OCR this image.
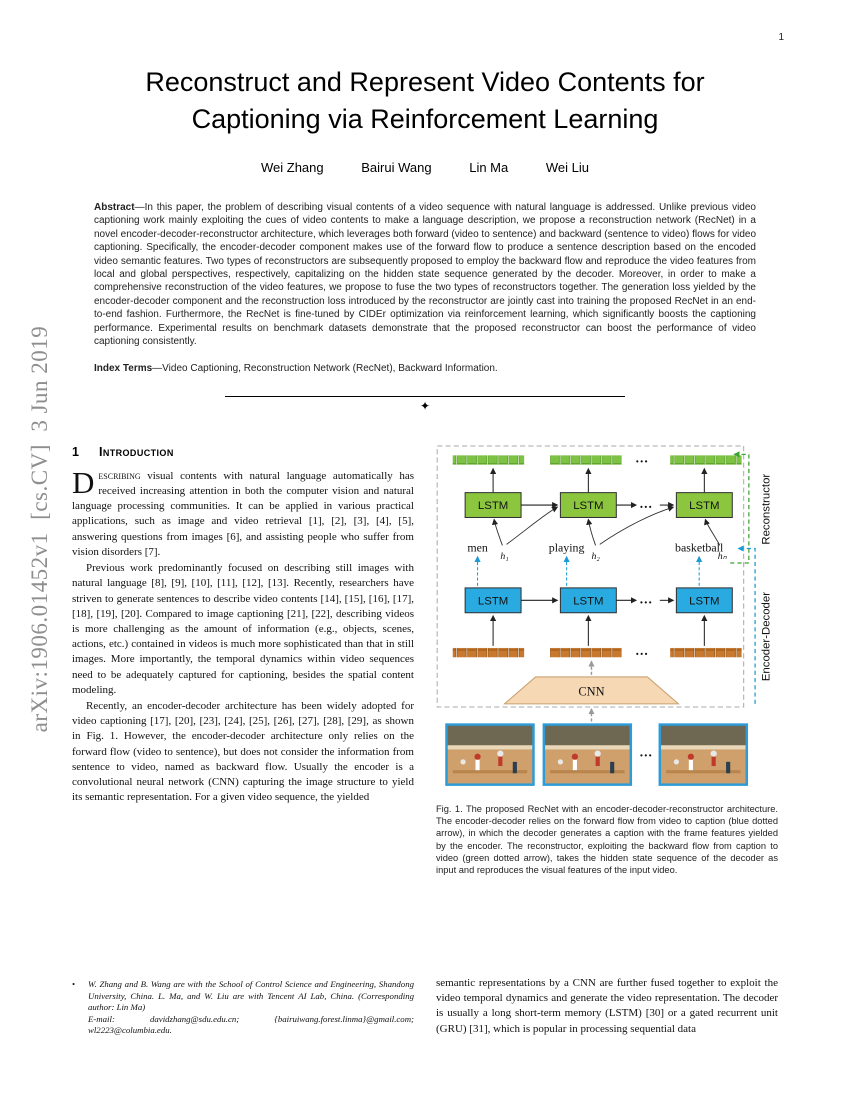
1
arXiv:1906.01452v1  [cs.CV]  3 Jun 2019
Reconstruct and Represent Video Contents for
Captioning via Reinforcement Learning
Wei Zhang	Bairui Wang	Lin Ma	Wei Liu
Abstract—In this paper, the problem of describing visual contents of a video sequence with natural language is addressed. Unlike previous video captioning work mainly exploiting the cues of video contents to make a language description, we propose a reconstruction network (RecNet) in a novel encoder-decoder-reconstructor architecture, which leverages both forward (video to sentence) and backward (sentence to video) flows for video captioning. Specifically, the encoder-decoder component makes use of the forward flow to produce a sentence description based on the encoded video semantic features. Two types of reconstructors are subsequently proposed to employ the backward flow and reproduce the video features from local and global perspectives, respectively, capitalizing on the hidden state sequence generated by the decoder. Moreover, in order to make a comprehensive reconstruction of the video features, we propose to fuse the two types of reconstructors together. The generation loss yielded by the encoder-decoder component and the reconstruction loss introduced by the reconstructor are jointly cast into training the proposed RecNet in an end-to-end fashion. Furthermore, the RecNet is fine-tuned by CIDEr optimization via reinforcement learning, which significantly boosts the captioning performance. Experimental results on benchmark datasets demonstrate that the proposed reconstructor can boost the performance of video captioning consistently.
Index Terms—Video Captioning, Reconstruction Network (RecNet), Backward Information.
✦
1 Introduction

Describing visual contents with natural language automatically has received increasing attention in both the computer vision and natural language processing communities. It can be applied in various practical applications, such as image and video retrieval [1], [2], [3], [4], [5], answering questions from images [6], and assisting people who suffer from vision disorders [7].

Previous work predominantly focused on describing still images with natural language [8], [9], [10], [11], [12], [13]. Recently, researchers have striven to generate sentences to describe video contents [14], [15], [16], [17], [18], [19], [20]. Compared to image captioning [21], [22], describing videos is more challenging as the amount of information (e.g., objects, scenes, actions, etc.) contained in videos is much more sophisticated than that in still images. More importantly, the temporal dynamics within video sequences need to be adequately captured for captioning, besides the spatial content modeling.

Recently, an encoder-decoder architecture has been widely adopted for video captioning [17], [20], [23], [24], [25], [26], [27], [28], [29], as shown in Fig. 1. However, the encoder-decoder architecture only relies on the forward flow (video to sentence), but does not consider the information from sentence to video, named as backward flow. Usually the encoder is a convolutional neural network (CNN) capturing the image structure to yield its semantic representation. For a given video sequence, the yielded

•	W. Zhang and B. Wang are with the School of Control Science and Engineering, Shandong University, China. L. Ma, and W. Liu are with Tencent AI Lab, China. (Corresponding author: Lin Ma)
E-mail: davidzhang@sdu.edu.cn; {bairuiwang.forest.linma}@gmail.com; wl2223@columbia.edu.
...
LSTM	LSTM	LSTM
...
men	playing	basketball
h₁	h₂	hₙ
LSTM	LSTM	LSTM
...
...
CNN
...
Reconstructor
Encoder-Decoder
Fig. 1. The proposed RecNet with an encoder-decoder-reconstructor architecture. The encoder-decoder relies on the forward flow from video to caption (blue dotted arrow), in which the decoder generates a caption with the frame features yielded by the encoder. The reconstructor, exploiting the backward flow from caption to video (green dotted arrow), takes the hidden state sequence of the decoder as input and reproduces the visual features of the input video.

semantic representations by a CNN are further fused together to exploit the video temporal dynamics and generate the video representation. The decoder is usually a long short-term memory (LSTM) [30] or a gated recurrent unit (GRU) [31], which is popular in processing sequential data
